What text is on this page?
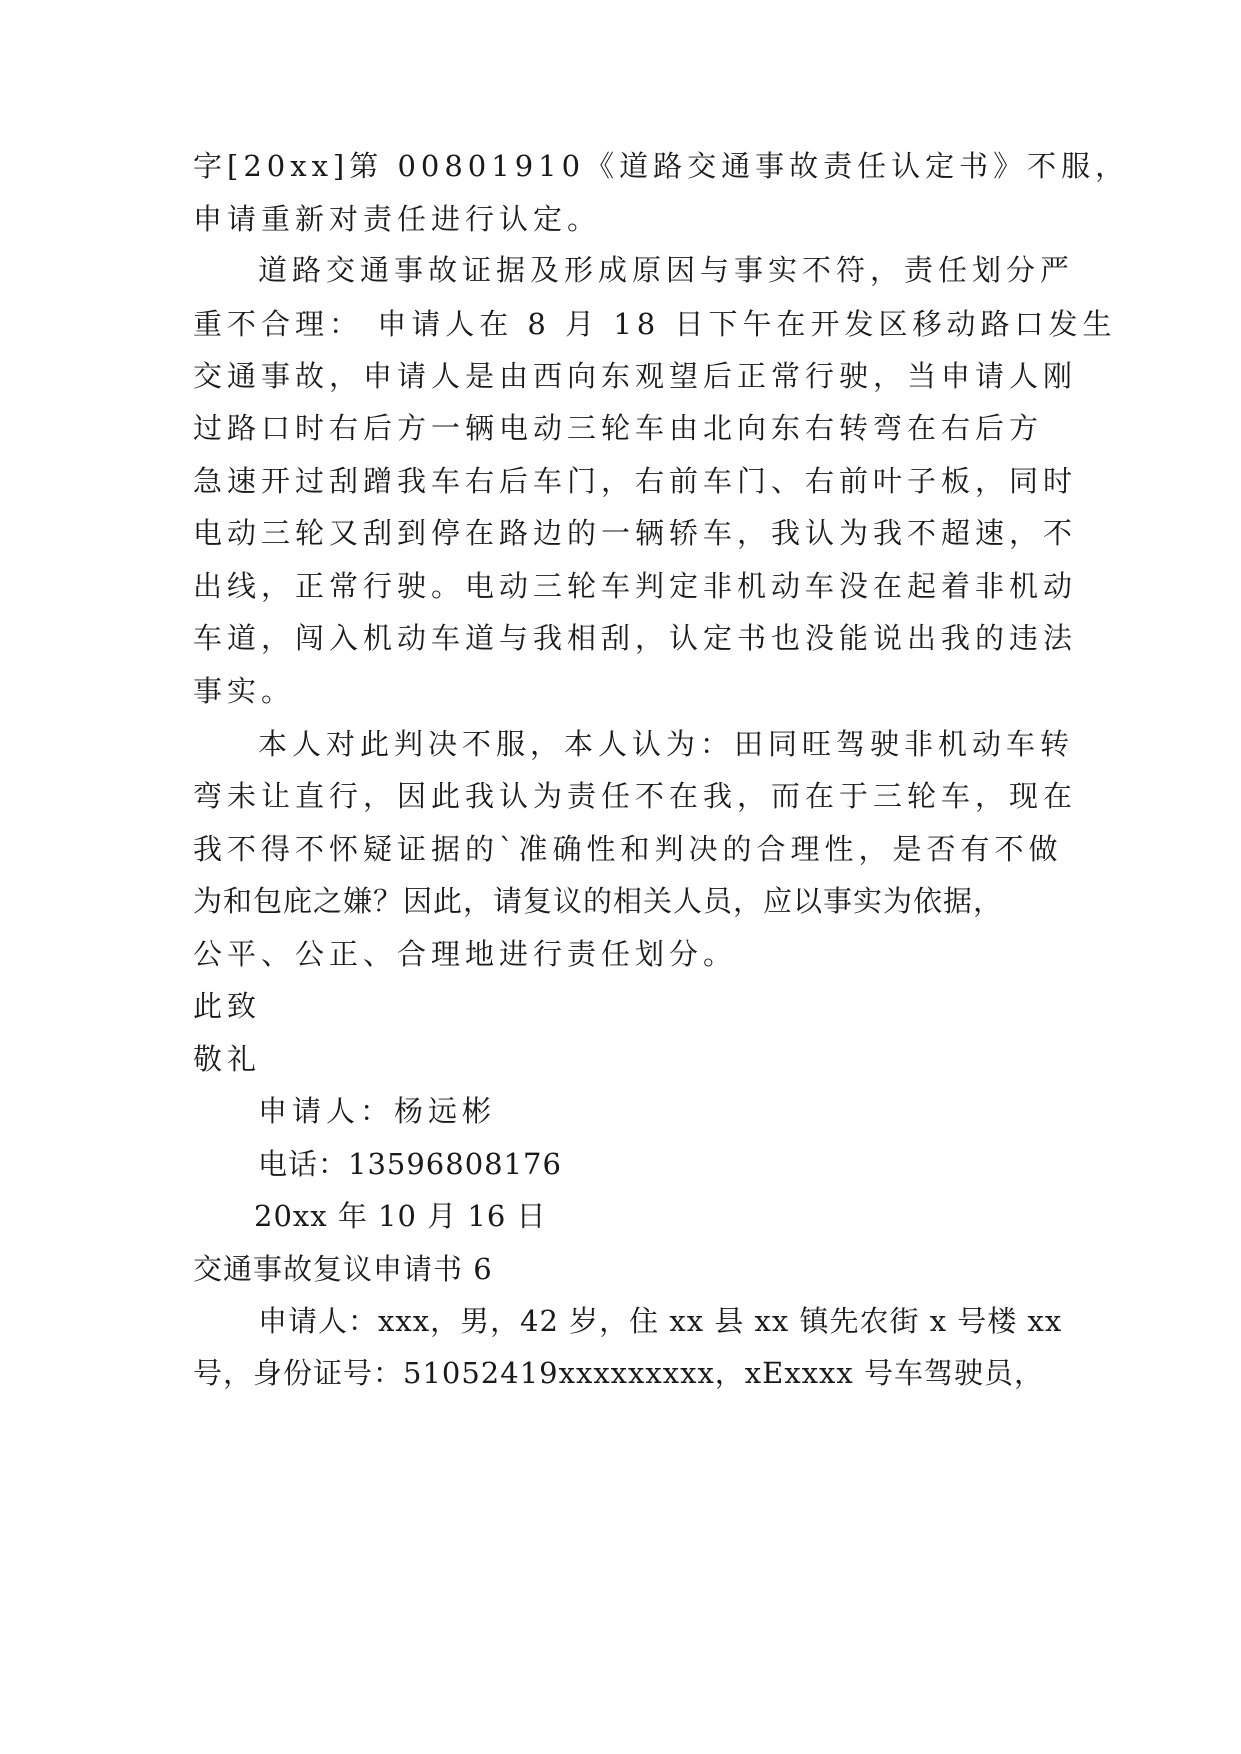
字[20xx]第 00801910《道路交通事故责任认定书》不服，
申请重新对责任进行认定。
道路交通事故证据及形成原因与事实不符，责任划分严
重不合理： 申请人在 8 月 18 日下午在开发区移动路口发生
交通事故，申请人是由西向东观望后正常行驶，当申请人刚
过路口时右后方一辆电动三轮车由北向东右转弯在右后方
急速开过刮蹭我车右后车门，右前车门、右前叶子板，同时
电动三轮又刮到停在路边的一辆轿车，我认为我不超速，不
出线，正常行驶。电动三轮车判定非机动车没在起着非机动
车道，闯入机动车道与我相刮，认定书也没能说出我的违法
事实。
本人对此判决不服，本人认为：田同旺驾驶非机动车转
弯未让直行，因此我认为责任不在我，而在于三轮车，现在
我不得不怀疑证据的`准确性和判决的合理性，是否有不做
为和包庇之嫌？因此，请复议的相关人员，应以事实为依据，
公平、公正、合理地进行责任划分。
此致
敬礼
申请人：杨远彬
电话：13596808176
20xx 年 10 月 16 日
交通事故复议申请书 6
申请人：xxx，男，42 岁，住 xx 县 xx 镇先农街 x 号楼 xx
号，身份证号：51052419xxxxxxxxx，xExxxx 号车驾驶员，
